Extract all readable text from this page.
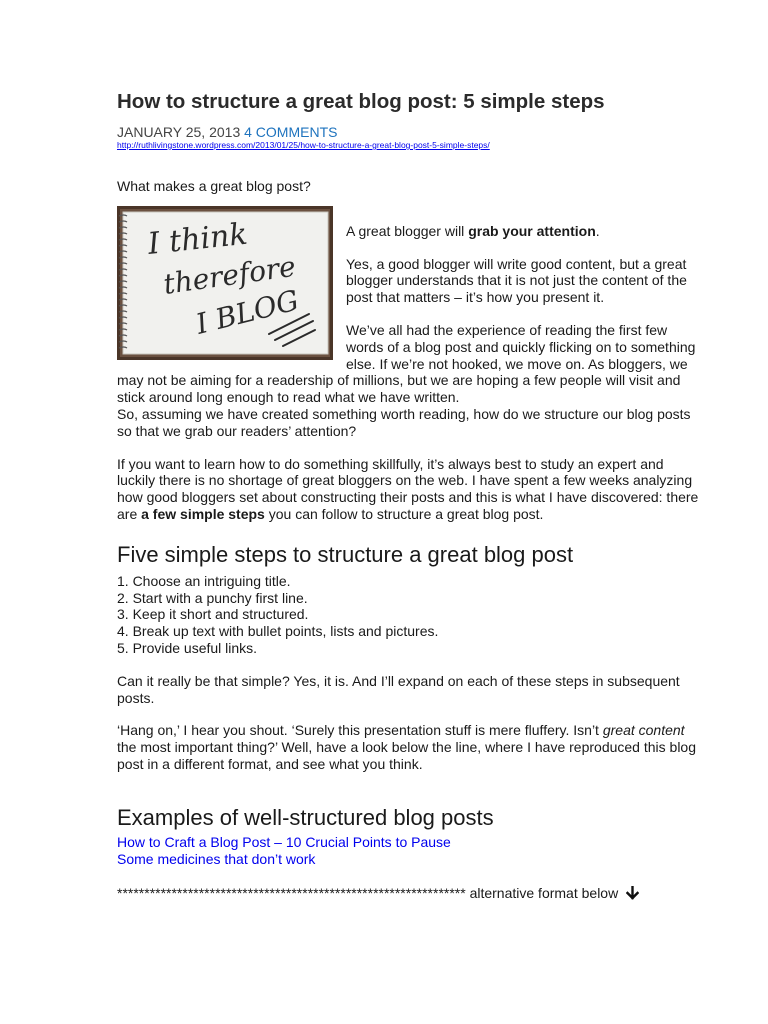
How to structure a great blog post: 5 simple steps
JANUARY 25, 2013 4 COMMENTS
http://ruthlivingstone.wordpress.com/2013/01/25/how-to-structure-a-great-blog-post-5-simple-steps/

What makes a great blog post?

I think
therefore
I BLOG

A great blogger will grab your attention.

Yes, a good blogger will write good content, but a great blogger understands that it is not just the content of the post that matters – it’s how you present it.

We’ve all had the experience of reading the first few words of a blog post and quickly flicking on to something else. If we’re not hooked, we move on. As bloggers, we may not be aiming for a readership of millions, but we are hoping a few people will visit and stick around long enough to read what we have written.

So, assuming we have created something worth reading, how do we structure our blog posts so that we grab our readers’ attention?

If you want to learn how to do something skillfully, it’s always best to study an expert and luckily there is no shortage of great bloggers on the web. I have spent a few weeks analyzing how good bloggers set about constructing their posts and this is what I have discovered: there are a few simple steps you can follow to structure a great blog post.

Five simple steps to structure a great blog post
1. Choose an intriguing title.
2. Start with a punchy first line.
3. Keep it short and structured.
4. Break up text with bullet points, lists and pictures.
5. Provide useful links.

Can it really be that simple? Yes, it is. And I’ll expand on each of these steps in subsequent posts.

‘Hang on,’ I hear you shout. ‘Surely this presentation stuff is mere fluffery. Isn’t great content the most important thing?’ Well, have a look below the line, where I have reproduced this blog post in a different format, and see what you think.

Examples of well-structured blog posts
How to Craft a Blog Post – 10 Crucial Points to Pause
Some medicines that don’t work
**************************************************************** alternative format below
